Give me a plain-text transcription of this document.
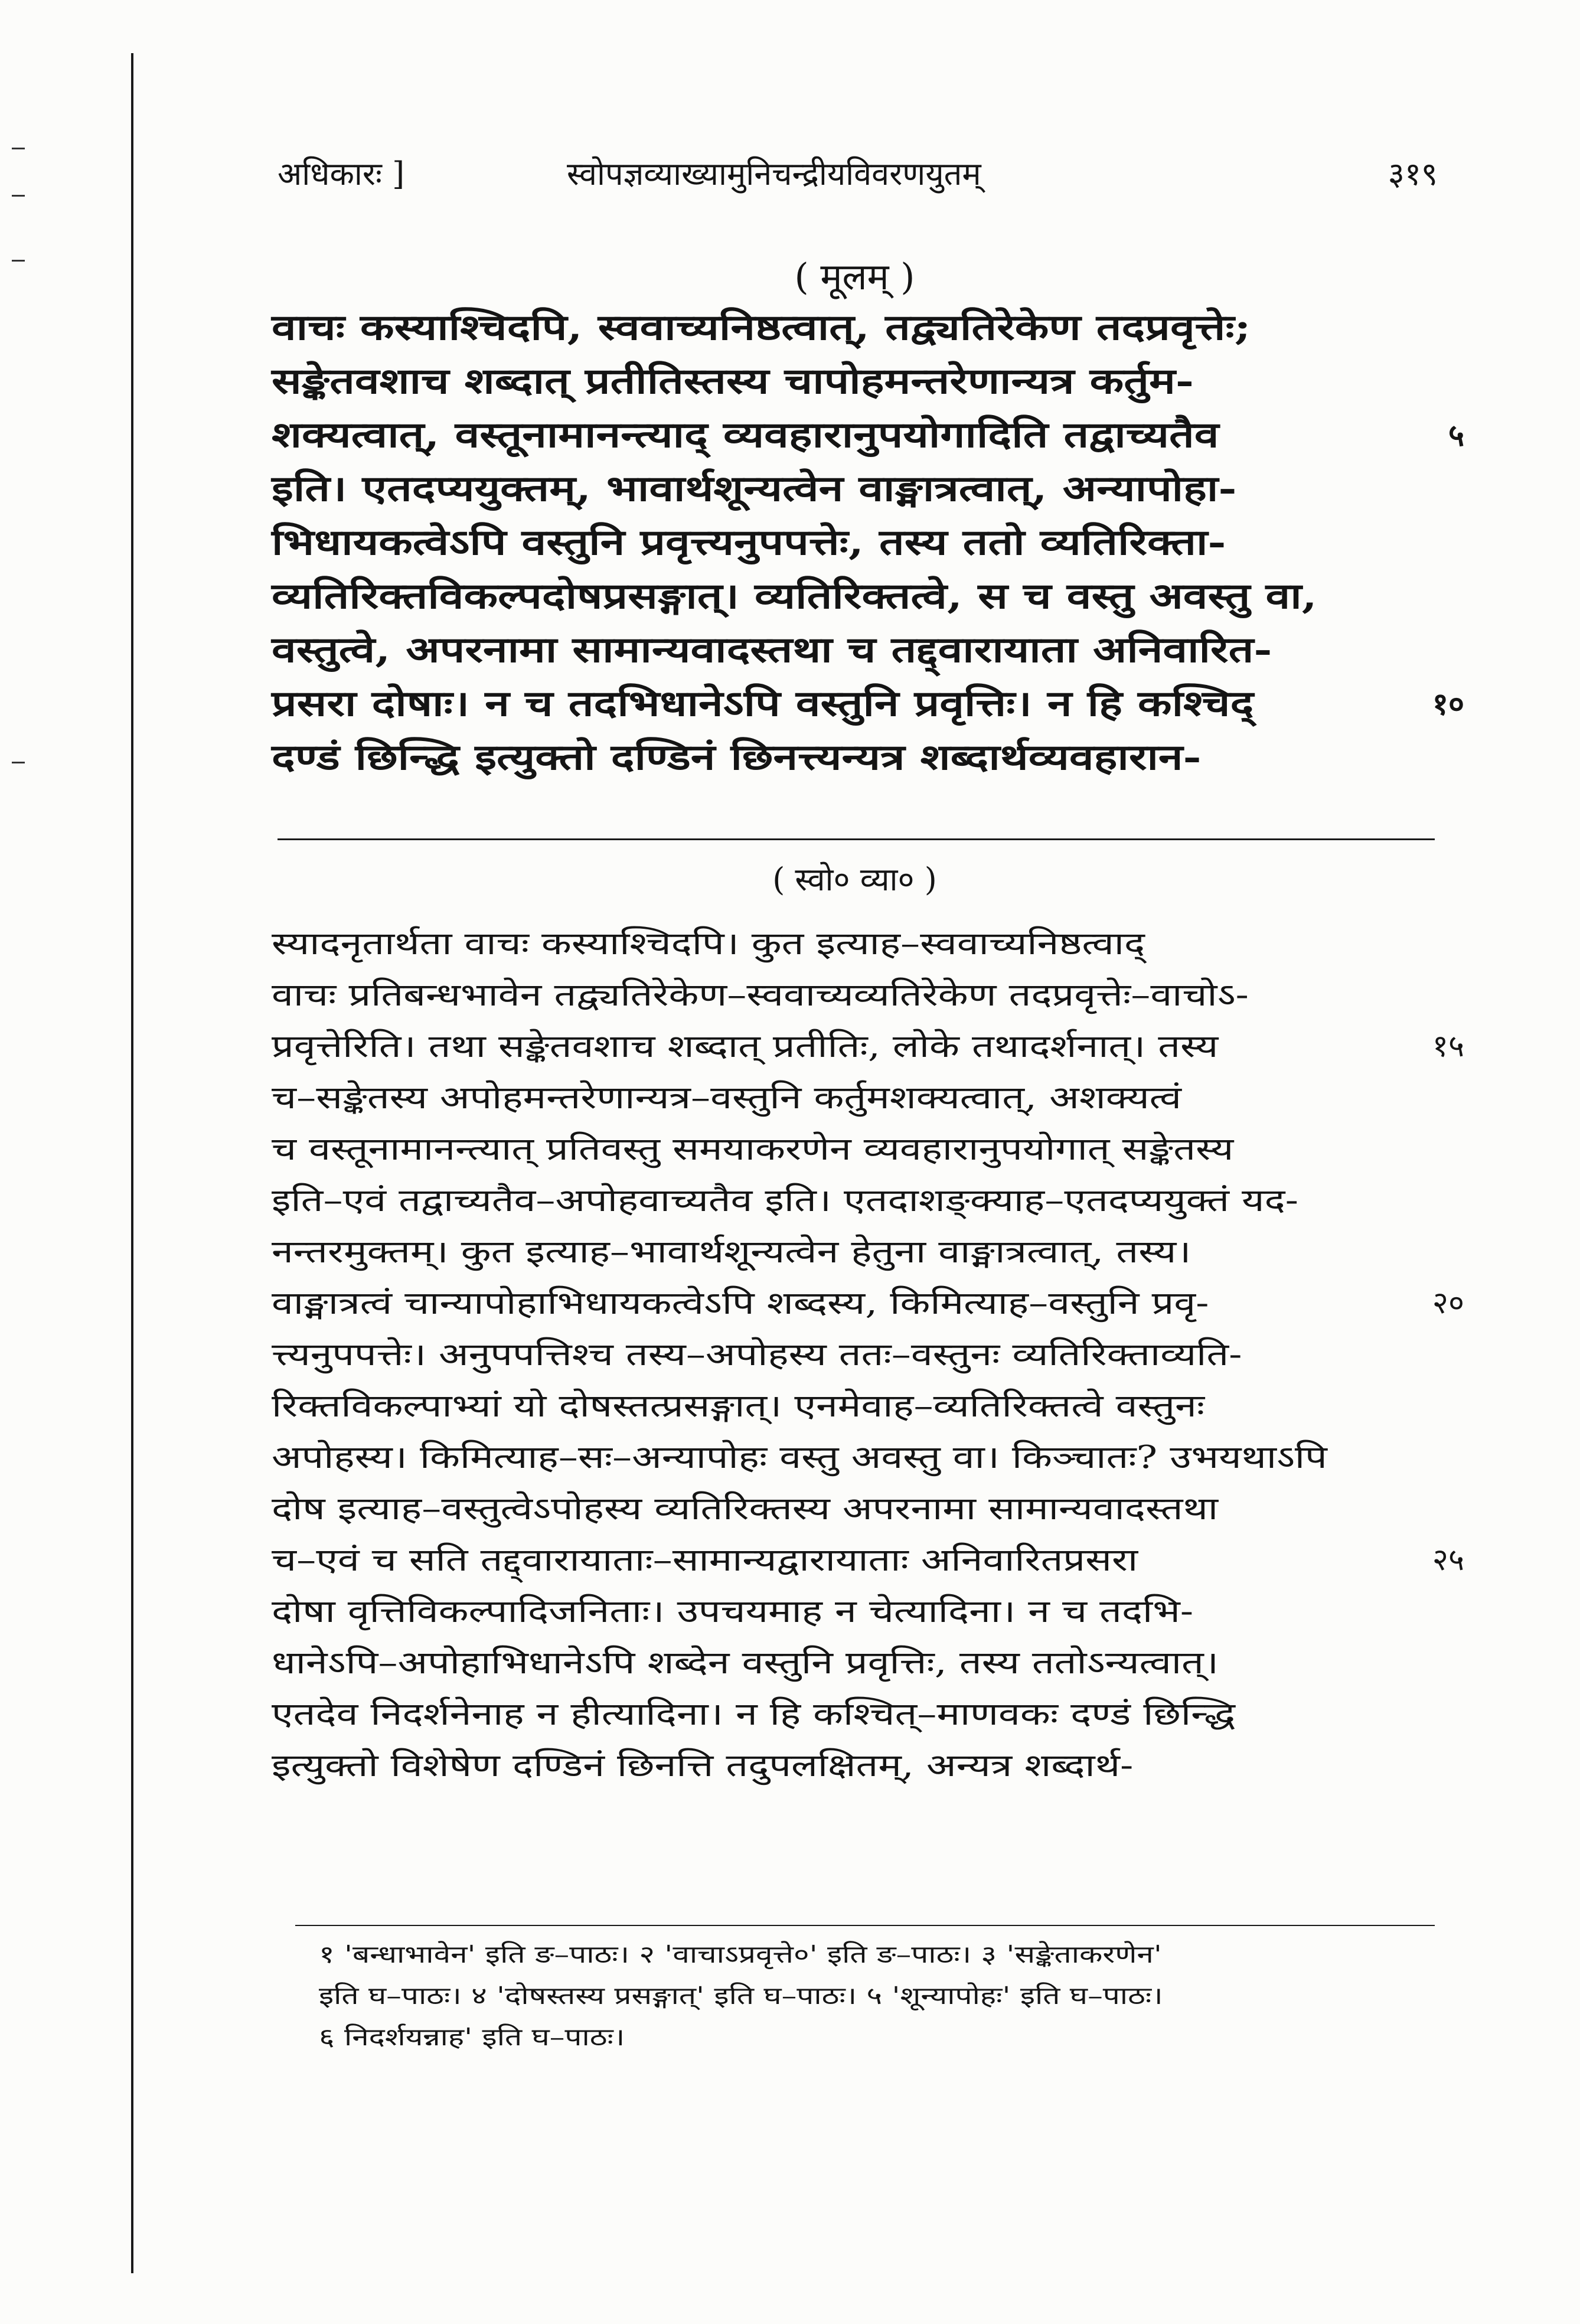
अधिकारः ]	स्वोपज्ञव्याख्यामुनिचन्द्रीयविवरणयुतम्	३१९
( मूलम् )
वाचः कस्याश्चिदपि, स्ववाच्यनिष्ठत्वात्, तद्व्यतिरेकेण तदप्रवृत्तेः;
सङ्केतवशाच शब्दात् प्रतीतिस्तस्य चापोहमन्तरेणान्यत्र कर्तुम-
शक्यत्वात्, वस्तूनामानन्त्याद् व्यवहारानुपयोगादिति तद्वाच्यतैव	५
इति। एतदप्ययुक्तम्, भावार्थशून्यत्वेन वाङ्मात्रत्वात्, अन्यापोहा-
भिधायकत्वेऽपि वस्तुनि प्रवृत्त्यनुपपत्तेः, तस्य ततो व्यतिरिक्ता-
व्यतिरिक्तविकल्पदोषप्रसङ्गात्। व्यतिरिक्तत्वे, स च वस्तु अवस्तु वा,
वस्तुत्वे, अपरनामा सामान्यवादस्तथा च तद्द्वारायाता अनिवारित-
प्रसरा दोषाः। न च तदभिधानेऽपि वस्तुनि प्रवृत्तिः। न हि कश्चिद्	१०
दण्डं छिन्द्धि इत्युक्तो दण्डिनं छिनत्त्यन्यत्र शब्दार्थव्यवहारान-
( स्वो० व्या० )
स्यादनृतार्थता वाचः कस्याश्चिदपि। कुत इत्याह–स्ववाच्यनिष्ठत्वाद्
वाचः प्रतिबन्धभावेन तद्व्यतिरेकेण–स्ववाच्यव्यतिरेकेण तदप्रवृत्तेः–वाचोऽ-
प्रवृत्तेरिति। तथा सङ्केतवशाच शब्दात् प्रतीतिः, लोके तथादर्शनात्। तस्य	१५
च–सङ्केतस्य अपोहमन्तरेणान्यत्र–वस्तुनि कर्तुमशक्यत्वात्, अशक्यत्वं
च वस्तूनामानन्त्यात् प्रतिवस्तु समयाकरणेन व्यवहारानुपयोगात् सङ्केतस्य
इति–एवं तद्वाच्यतैव–अपोहवाच्यतैव इति। एतदाशङ्क्याह–एतदप्ययुक्तं यद-
नन्तरमुक्तम्। कुत इत्याह–भावार्थशून्यत्वेन हेतुना वाङ्मात्रत्वात्, तस्य।
वाङ्मात्रत्वं चान्यापोहाभिधायकत्वेऽपि शब्दस्य, किमित्याह–वस्तुनि प्रवृ-	२०
त्त्यनुपपत्तेः। अनुपपत्तिश्च तस्य–अपोहस्य ततः–वस्तुनः व्यतिरिक्ताव्यति-
रिक्तविकल्पाभ्यां यो दोषस्तत्प्रसङ्गात्। एनमेवाह–व्यतिरिक्तत्वे वस्तुनः
अपोहस्य। किमित्याह–सः–अन्यापोहः वस्तु अवस्तु वा। किञ्चातः? उभयथाऽपि
दोष इत्याह–वस्तुत्वेऽपोहस्य व्यतिरिक्तस्य अपरनामा सामान्यवादस्तथा
च–एवं च सति तद्द्वारायाताः–सामान्यद्वारायाताः अनिवारितप्रसरा	२५
दोषा वृत्तिविकल्पादिजनिताः। उपचयमाह न चेत्यादिना। न च तदभि-
धानेऽपि–अपोहाभिधानेऽपि शब्देन वस्तुनि प्रवृत्तिः, तस्य ततोऽन्यत्वात्।
एतदेव निदर्शनेनाह न हीत्यादिना। न हि कश्चित्–माणवकः दण्डं छिन्द्धि
इत्युक्तो विशेषेण दण्डिनं छिनत्ति तदुपलक्षितम्, अन्यत्र शब्दार्थ-
१ 'बन्धाभावेन' इति ङ–पाठः। २ 'वाचाऽप्रवृत्ते०' इति ङ–पाठः। ३ 'सङ्केताकरणेन'
इति घ–पाठः। ४ 'दोषस्तस्य प्रसङ्गात्' इति घ–पाठः। ५ 'शून्यापोहः' इति घ–पाठः।
६ निदर्शयन्नाह' इति घ–पाठः।
